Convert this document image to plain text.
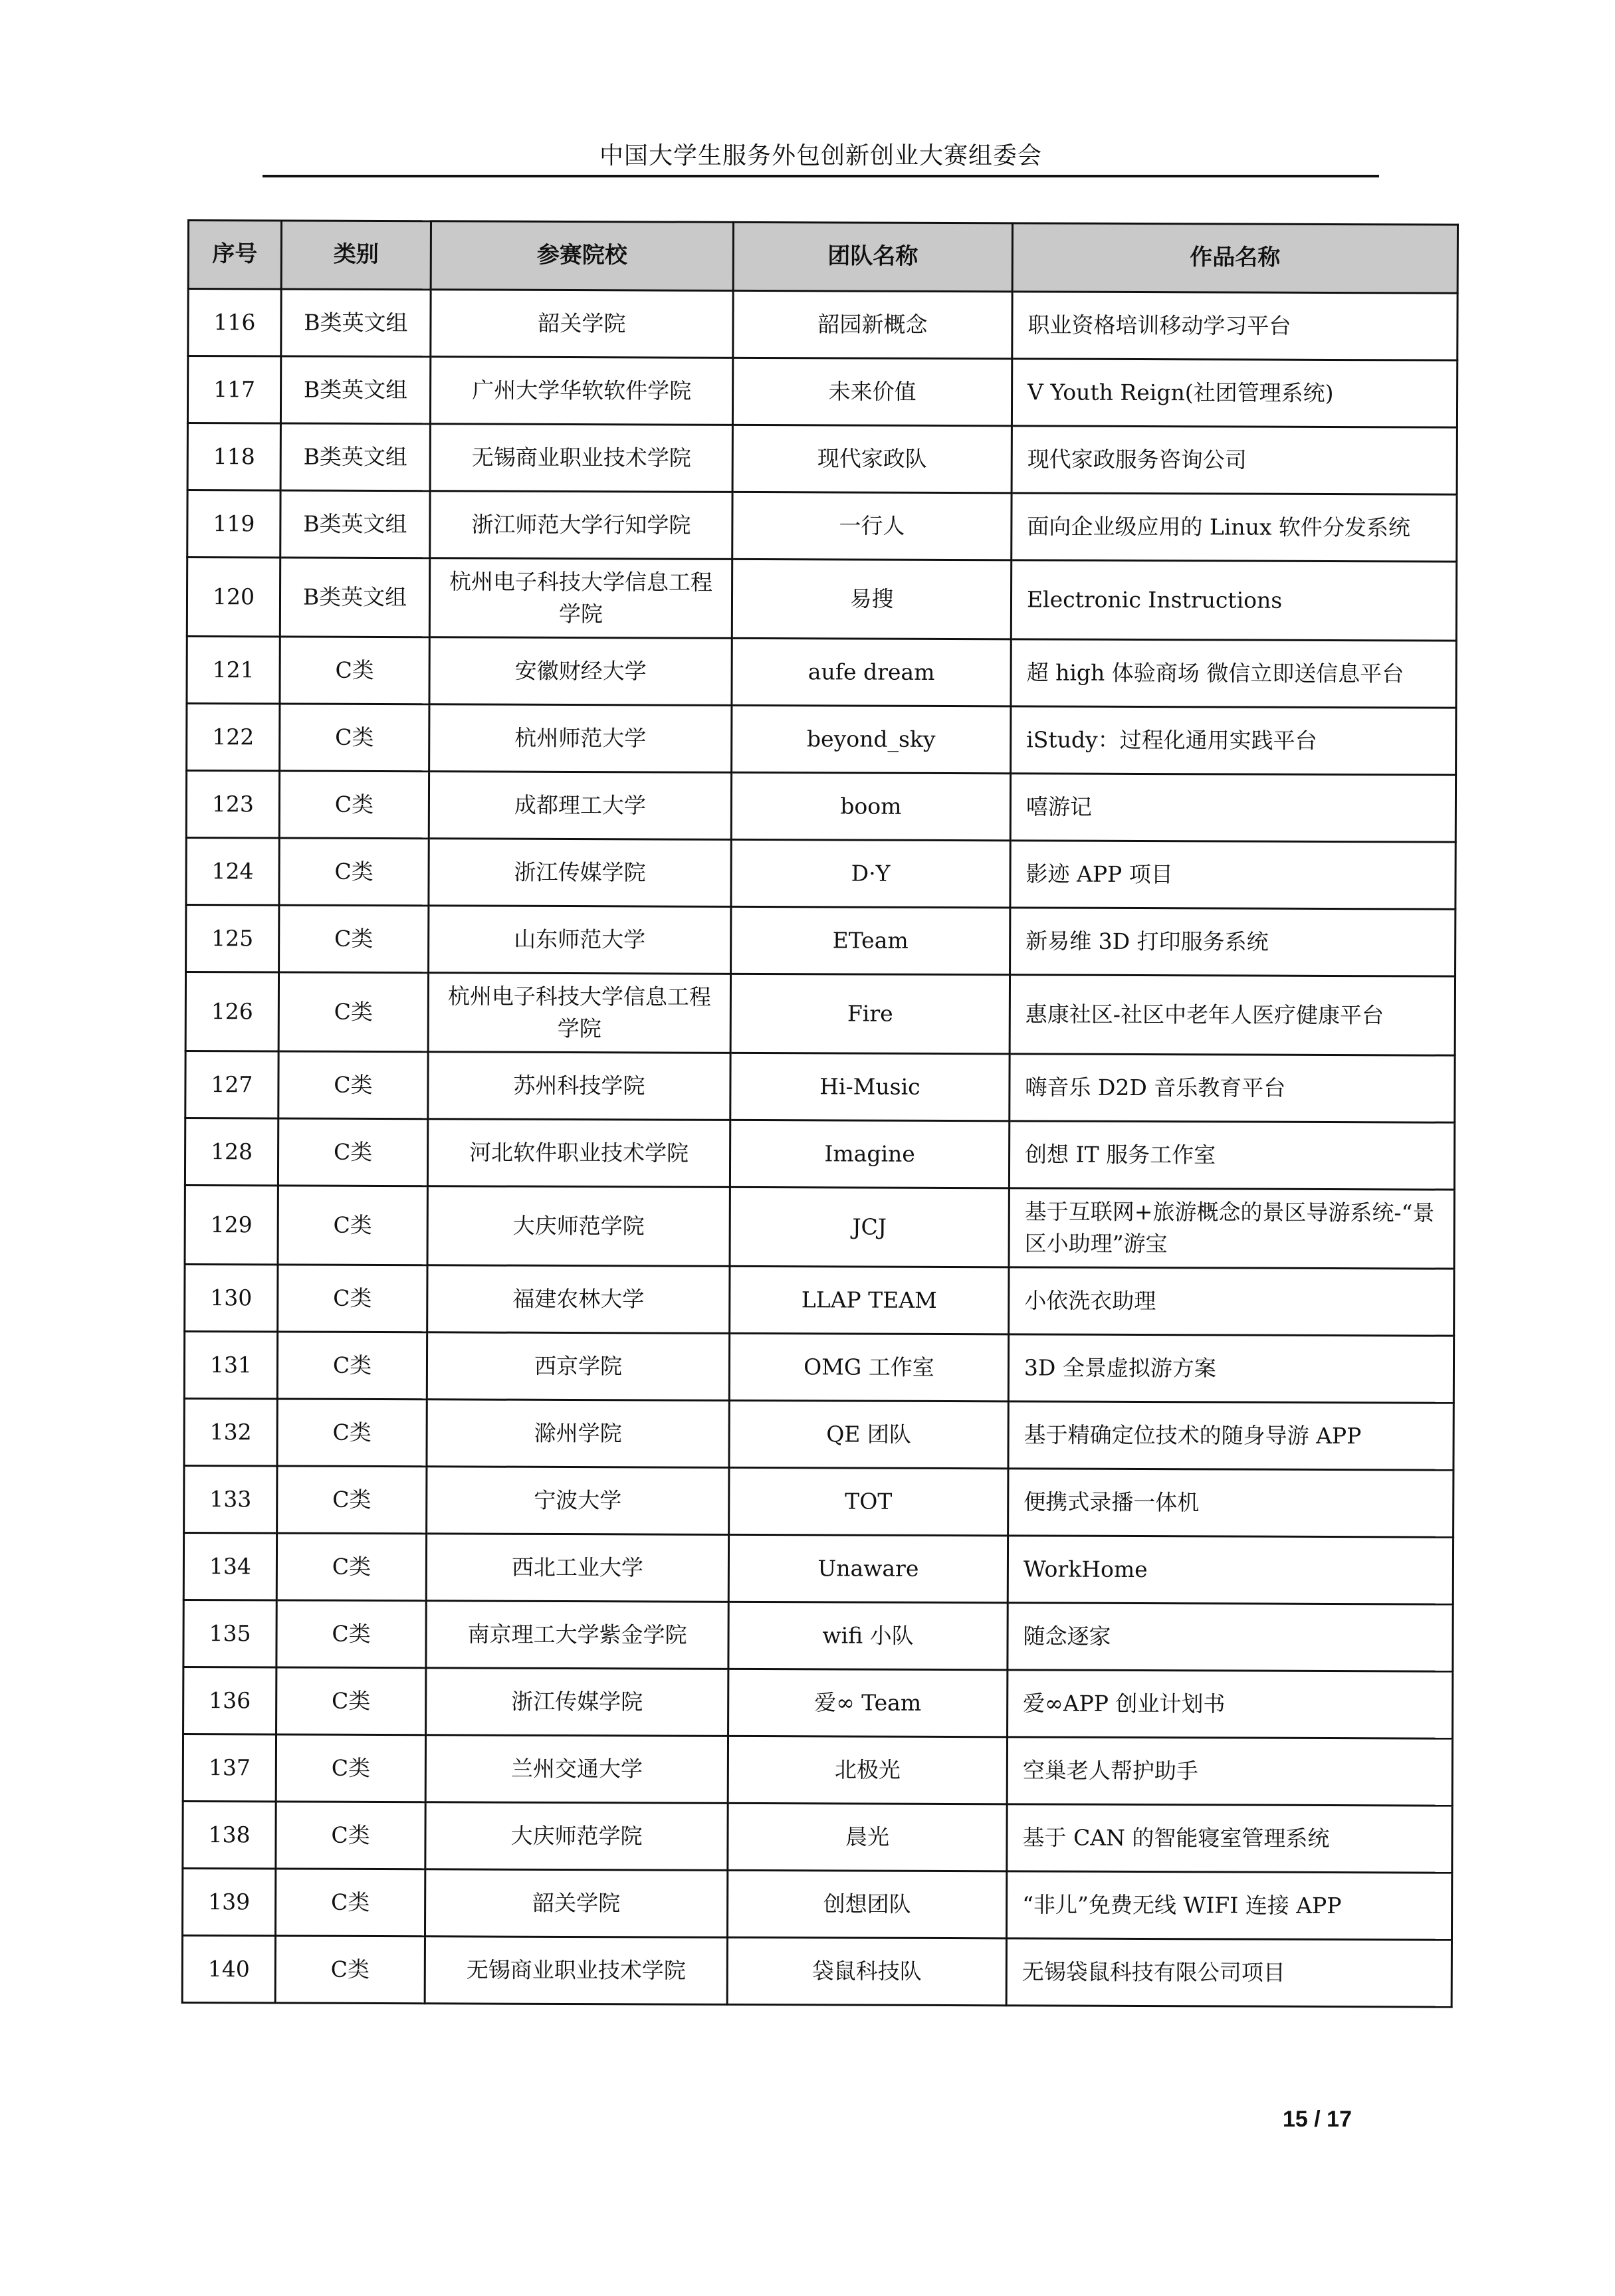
中国大学生服务外包创新创业大赛组委会
序号	类别	参赛院校	团队名称	作品名称
116	B类英文组	韶关学院	韶园新概念	职业资格培训移动学习平台
117	B类英文组	广州大学华软软件学院	未来价值	V Youth Reign(社团管理系统)
118	B类英文组	无锡商业职业技术学院	现代家政队	现代家政服务咨询公司
119	B类英文组	浙江师范大学行知学院	一行人	面向企业级应用的 Linux 软件分发系统
120	B类英文组	杭州电子科技大学信息工程学院	易搜	Electronic Instructions
121	C类	安徽财经大学	aufe dream	超 high 体验商场 微信立即送信息平台
122	C类	杭州师范大学	beyond_sky	iStudy：过程化通用实践平台
123	C类	成都理工大学	boom	嘻游记
124	C类	浙江传媒学院	D·Y	影迹 APP 项目
125	C类	山东师范大学	ETeam	新易维 3D 打印服务系统
126	C类	杭州电子科技大学信息工程学院	Fire	惠康社区-社区中老年人医疗健康平台
127	C类	苏州科技学院	Hi-Music	嗨音乐 D2D 音乐教育平台
128	C类	河北软件职业技术学院	Imagine	创想 IT 服务工作室
129	C类	大庆师范学院	JCJ	基于互联网+旅游概念的景区导游系统-“景区小助理”游宝
130	C类	福建农林大学	LLAP TEAM	小依洗衣助理
131	C类	西京学院	OMG 工作室	3D 全景虚拟游方案
132	C类	滁州学院	QE 团队	基于精确定位技术的随身导游 APP
133	C类	宁波大学	TOT	便携式录播一体机
134	C类	西北工业大学	Unaware	WorkHome
135	C类	南京理工大学紫金学院	wifi 小队	随念逐家
136	C类	浙江传媒学院	爱∞ Team	爱∞APP 创业计划书
137	C类	兰州交通大学	北极光	空巢老人帮护助手
138	C类	大庆师范学院	晨光	基于 CAN 的智能寝室管理系统
139	C类	韶关学院	创想团队	“非儿”免费无线 WIFI 连接 APP
140	C类	无锡商业职业技术学院	袋鼠科技队	无锡袋鼠科技有限公司项目
15 / 17
